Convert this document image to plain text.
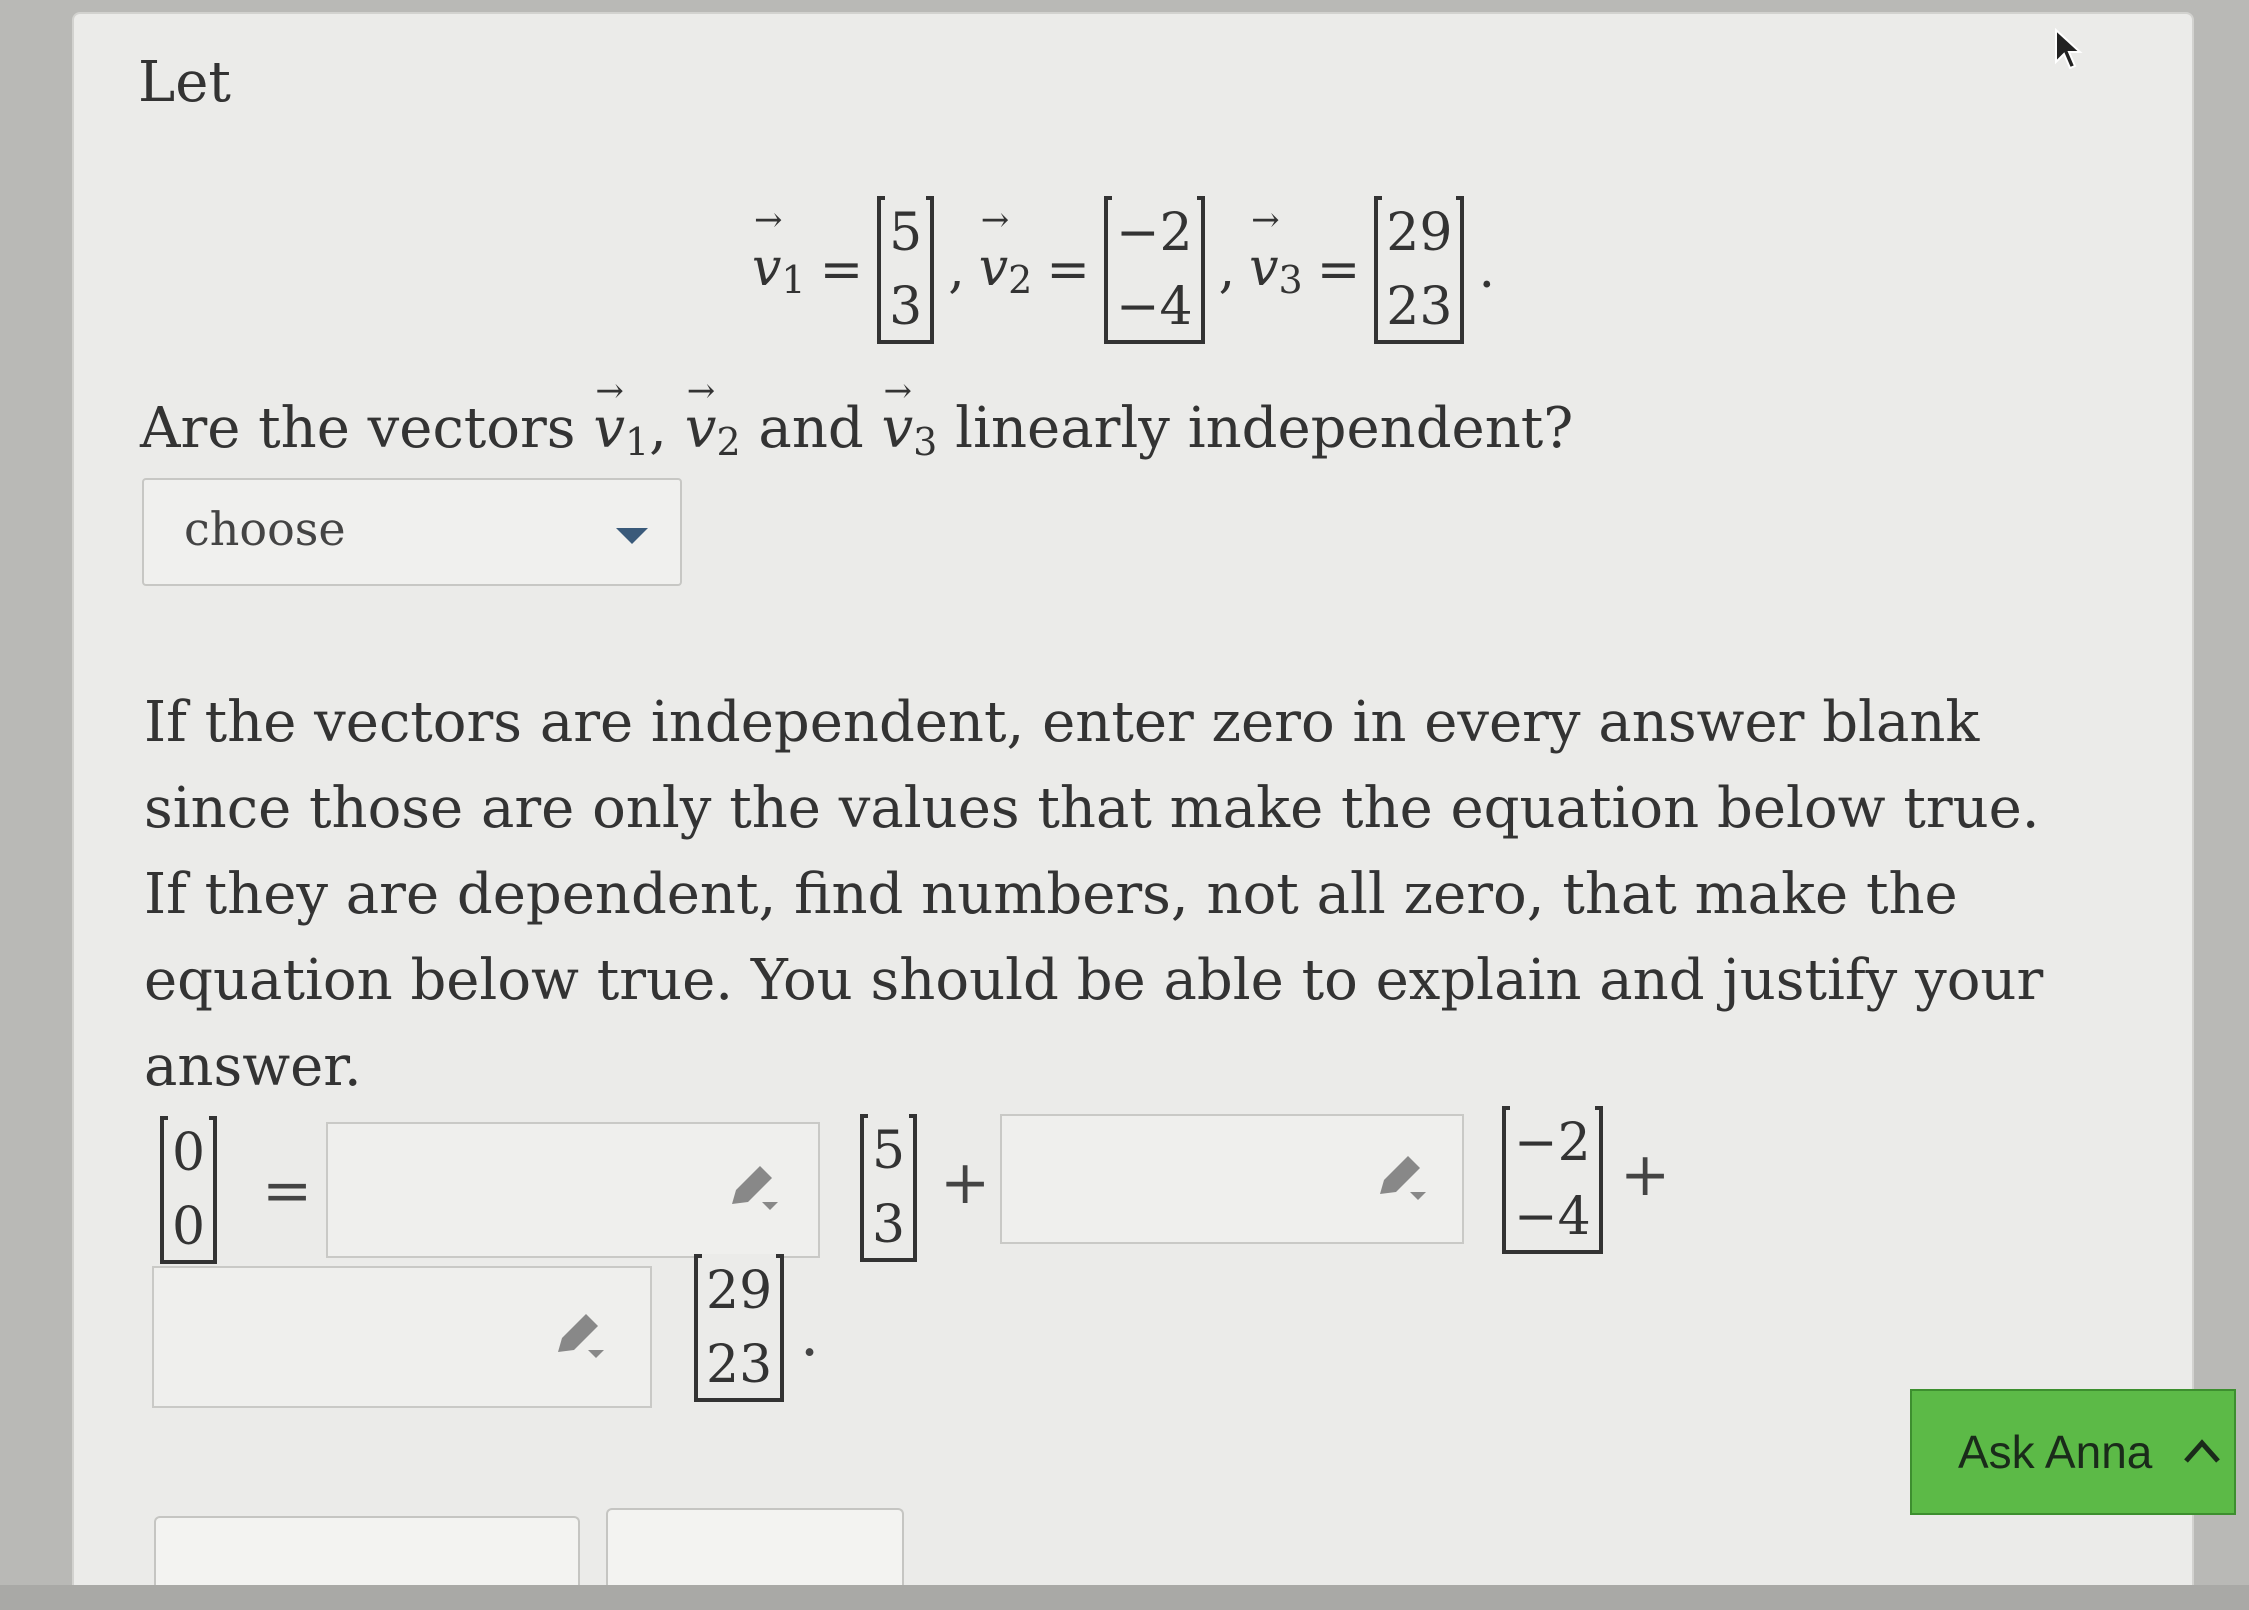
Let
→ $v_1$ =
5
3
, → $v_2$ =
−2
−4
, → $v_3$ =
29
23
.
Are the vectors → $v_1$, → $v_2$ and → $v_3$ linearly independent?
choose
If the vectors are independent, enter zero in every answer blank since those are only the values that make the equation below true. If they are dependent, find numbers, not all zero, that make the equation below true. You should be able to explain and justify your answer.
0
0
=
5
3
+
−2
−4
+
29
23 .
Ask Anna
